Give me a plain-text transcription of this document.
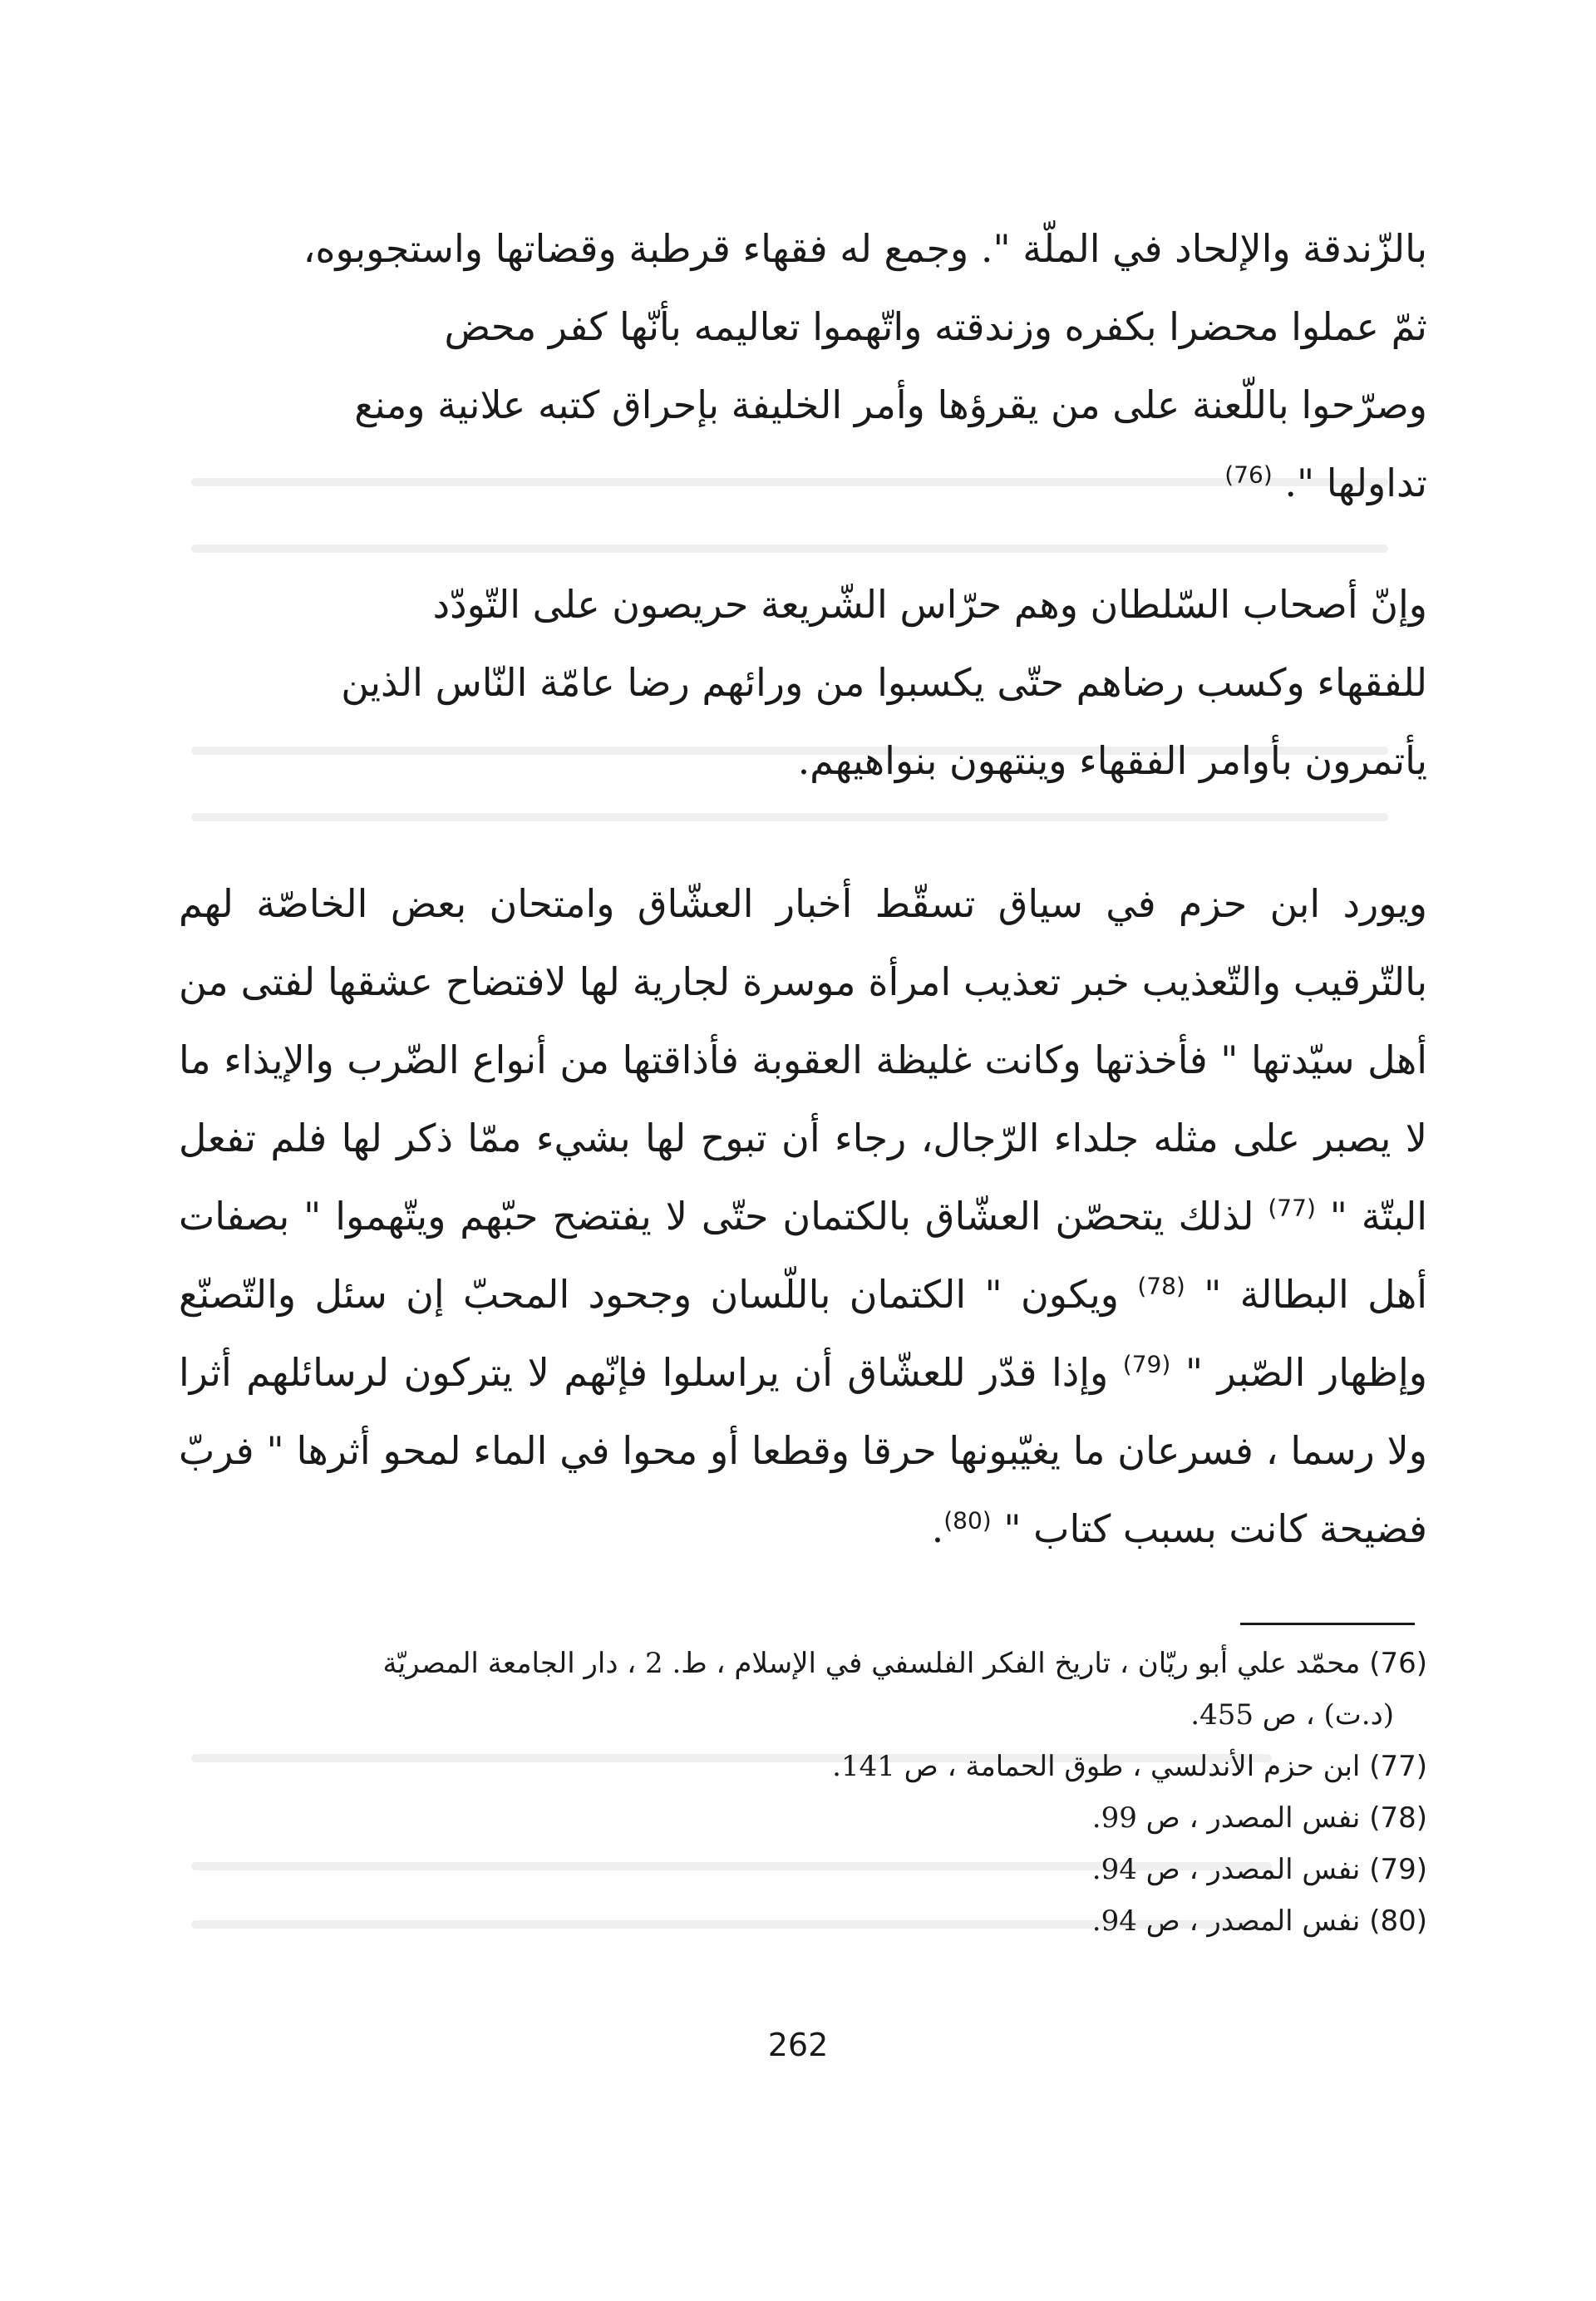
بالزّندقة والإلحاد في الملّة ". وجمع له فقهاء قرطبة وقضاتها واستجوبوه،

ثمّ عملوا محضرا بكفره وزندقته واتّهموا تعاليمه بأنّها كفر محض

وصرّحوا باللّعنة على من يقرؤها وأمر الخليفة بإحراق كتبه علانية ومنع

تداولها ". $^{(76)}$

وإنّ أصحاب السّلطان وهم حرّاس الشّريعة حريصون على التّودّد

للفقهاء وكسب رضاهم حتّى يكسبوا من ورائهم رضا عامّة النّاس الذين

يأتمرون بأوامر الفقهاء وينتهون بنواهيهم.

ويورد ابن حزم في سياق تسقّط أخبار العشّاق وامتحان بعض الخاصّة لهم بالتّرقيب والتّعذيب خبر تعذيب امرأة موسرة لجارية لها لافتضاح عشقها لفتى من أهل سيّدتها " فأخذتها وكانت غليظة العقوبة فأذاقتها من أنواع الضّرب والإيذاء ما لا يصبر على مثله جلداء الرّجال، رجاء أن تبوح لها بشيء ممّا ذكر لها فلم تفعل البتّة " $^{(77)}$ لذلك يتحصّن العشّاق بالكتمان حتّى لا يفتضح حبّهم ويتّهموا " بصفات أهل البطالة " $^{(78)}$ ويكون " الكتمان باللّسان وجحود المحبّ إن سئل والتّصنّع وإظهار الصّبر " $^{(79)}$ وإذا قدّر للعشّاق أن يراسلوا فإنّهم لا يتركون لرسائلهم أثرا ولا رسما ، فسرعان ما يغيّبونها حرقا وقطعا أو محوا في الماء لمحو أثرها " فربّ فضيحة كانت بسبب كتاب " $^{(80)}$.

(76) محمّد علي أبو ريّان ، تاريخ الفكر الفلسفي في الإسلام ، ط. 2 ، دار الجامعة المصريّة

(د.ت) ، ص 455.

(77) ابن حزم الأندلسي ، طوق الحمامة ، ص 141.

(78) نفس المصدر ، ص 99.

(79) نفس المصدر ، ص 94.

(80) نفس المصدر ، ص 94.

262
